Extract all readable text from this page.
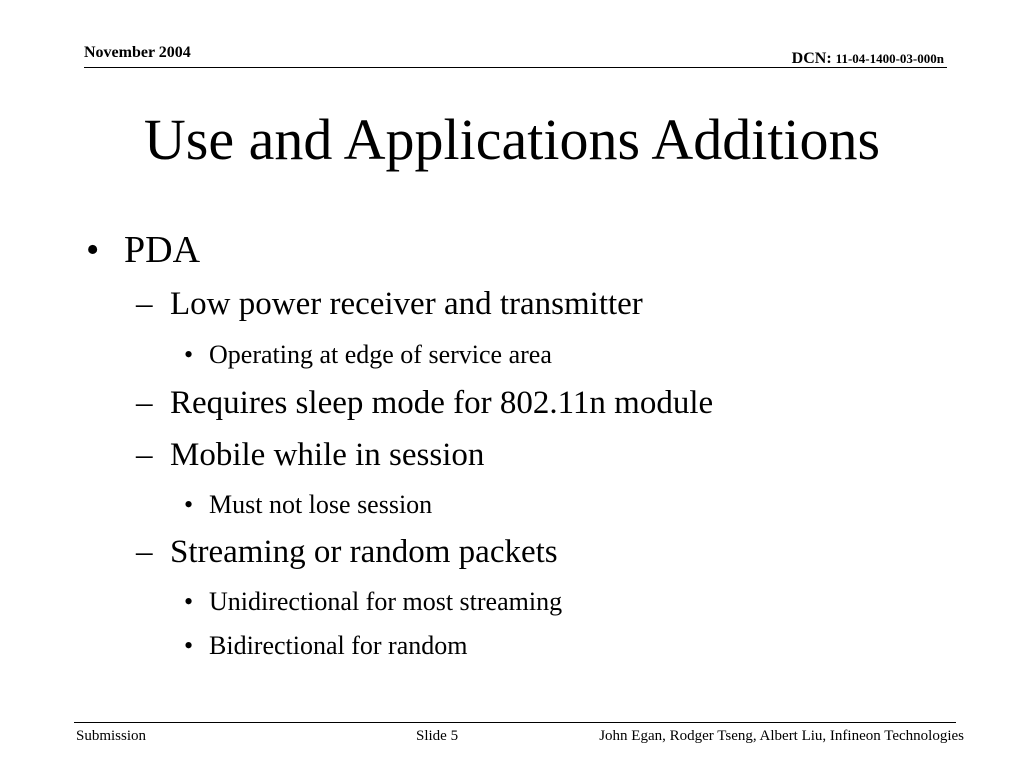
November 2004	DCN: 11-04-1400-03-000n
Use and Applications Additions
• PDA
– Low power receiver and transmitter
• Operating at edge of service area
– Requires sleep mode for 802.11n module
– Mobile while in session
• Must not lose session
– Streaming or random packets
• Unidirectional for most streaming
• Bidirectional for random
Submission	Slide 5	John Egan, Rodger Tseng, Albert Liu, Infineon Technologies
